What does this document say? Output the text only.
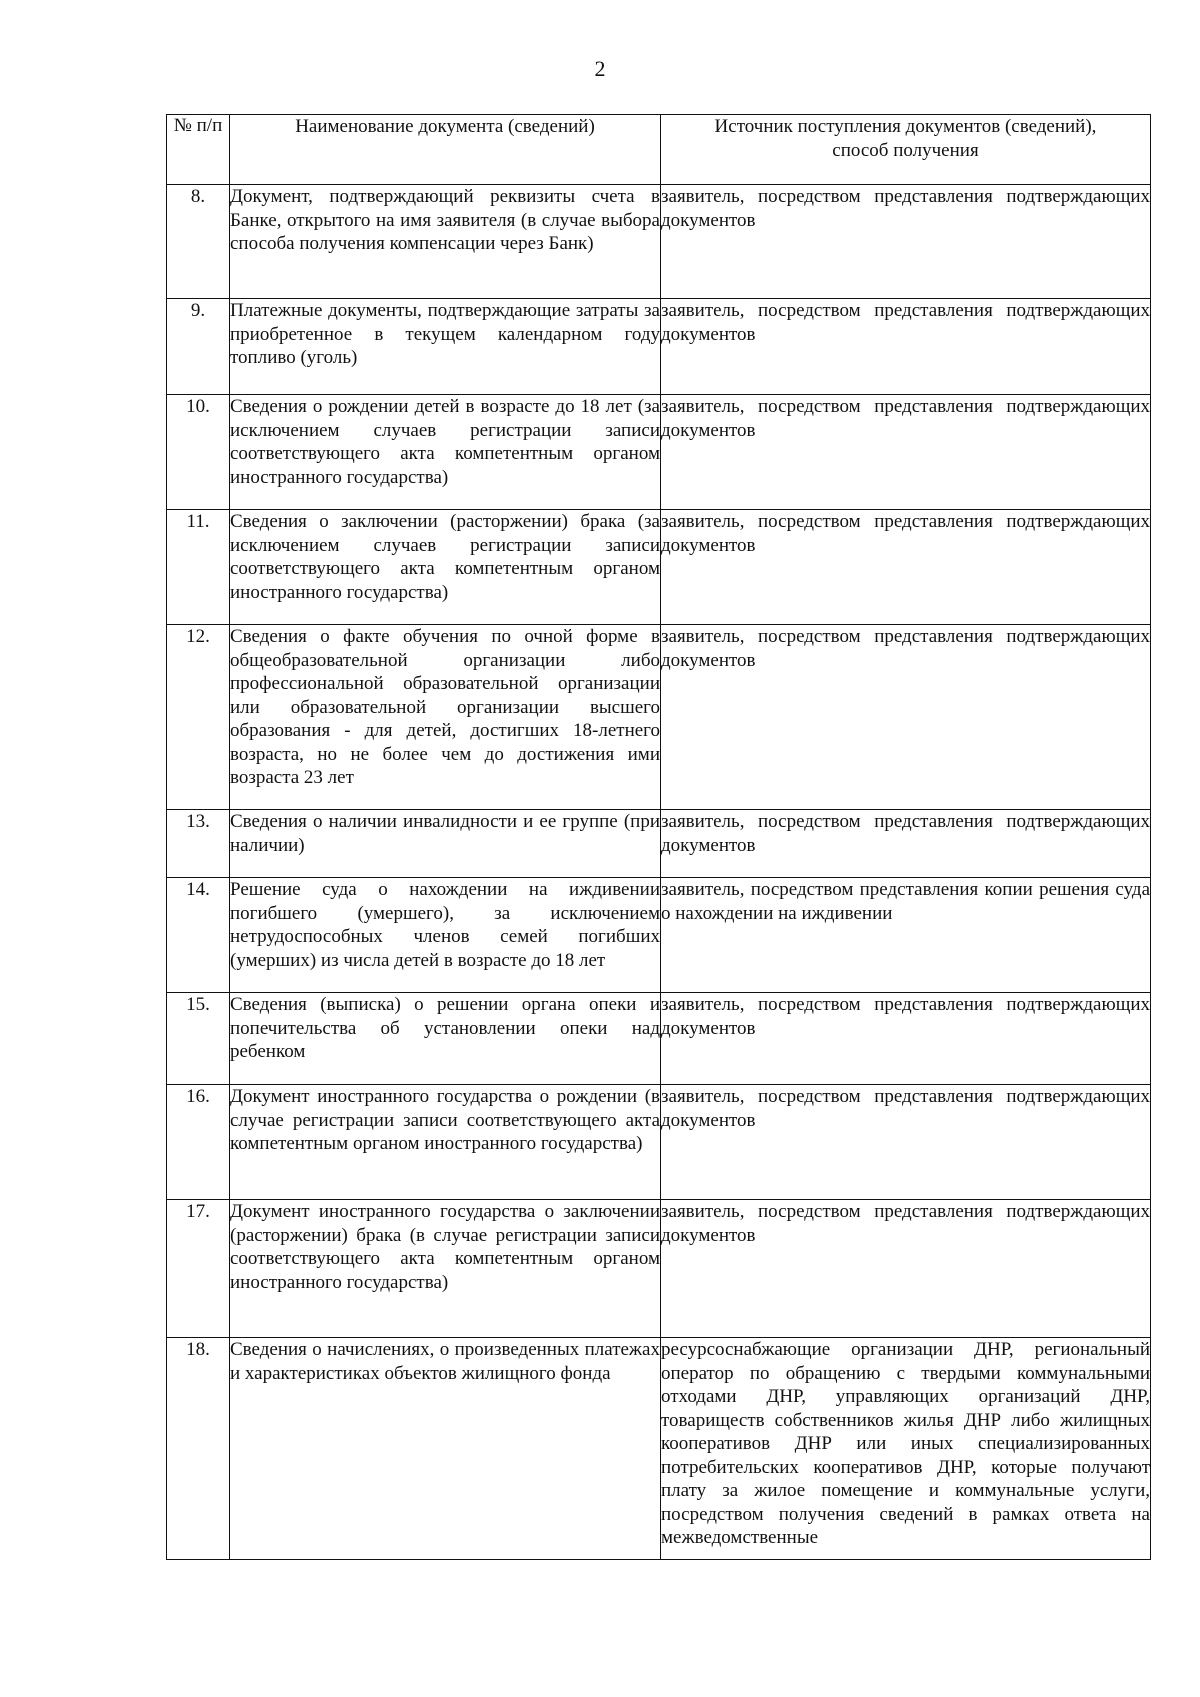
2
№ п/п	Наименование документа (сведений)	Источник поступления документов (сведений), способ получения

8.	Документ, подтверждающий реквизиты счета в Банке, открытого на имя заявителя (в случае выбора способа получения компенсации через Банк)	заявитель, посредством представления подтверждающих документов
9.	Платежные документы, подтверждающие затраты за приобретенное в текущем календарном году топливо (уголь)	заявитель, посредством представления подтверждающих документов
10.	Сведения о рождении детей в возрасте до 18 лет (за исключением случаев регистрации записи соответствующего акта компетентным органом иностранного государства)	заявитель, посредством представления подтверждающих документов
11.	Сведения о заключении (расторжении) брака (за исключением случаев регистрации записи соответствующего акта компетентным органом иностранного государства)	заявитель, посредством представления подтверждающих документов
12.	Сведения о факте обучения по очной форме в общеобразовательной организации либо профессиональной образовательной организации или образовательной организации высшего образования - для детей, достигших 18-летнего возраста, но не более чем до достижения ими возраста 23 лет	заявитель, посредством представления подтверждающих документов
13.	Сведения о наличии инвалидности и ее группе (при наличии)	заявитель, посредством представления подтверждающих документов
14.	Решение суда о нахождении на иждивении погибшего (умершего), за исключением нетрудоспособных членов семей погибших (умерших) из числа детей в возрасте до 18 лет	заявитель, посредством представления копии решения суда о нахождении на иждивении
15.	Сведения (выписка) о решении органа опеки и попечительства об установлении опеки над ребенком	заявитель, посредством представления подтверждающих документов
16.	Документ иностранного государства о рождении (в случае регистрации записи соответствующего акта компетентным органом иностранного государства)	заявитель, посредством представления подтверждающих документов
17.	Документ иностранного государства о заключении (расторжении) брака (в случае регистрации записи соответствующего акта компетентным органом иностранного государства)	заявитель, посредством представления подтверждающих документов
18.	Сведения о начислениях, о произведенных платежах и характеристиках объектов жилищного фонда	ресурсоснабжающие организации ДНР, региональный оператор по обращению с твердыми коммунальными отходами ДНР, управляющих организаций ДНР, товариществ собственников жилья ДНР либо жилищных кооперативов ДНР или иных специализированных потребительских кооперативов ДНР, которые получают плату за жилое помещение и коммунальные услуги, посредством получения сведений в рамках ответа на межведомственные
